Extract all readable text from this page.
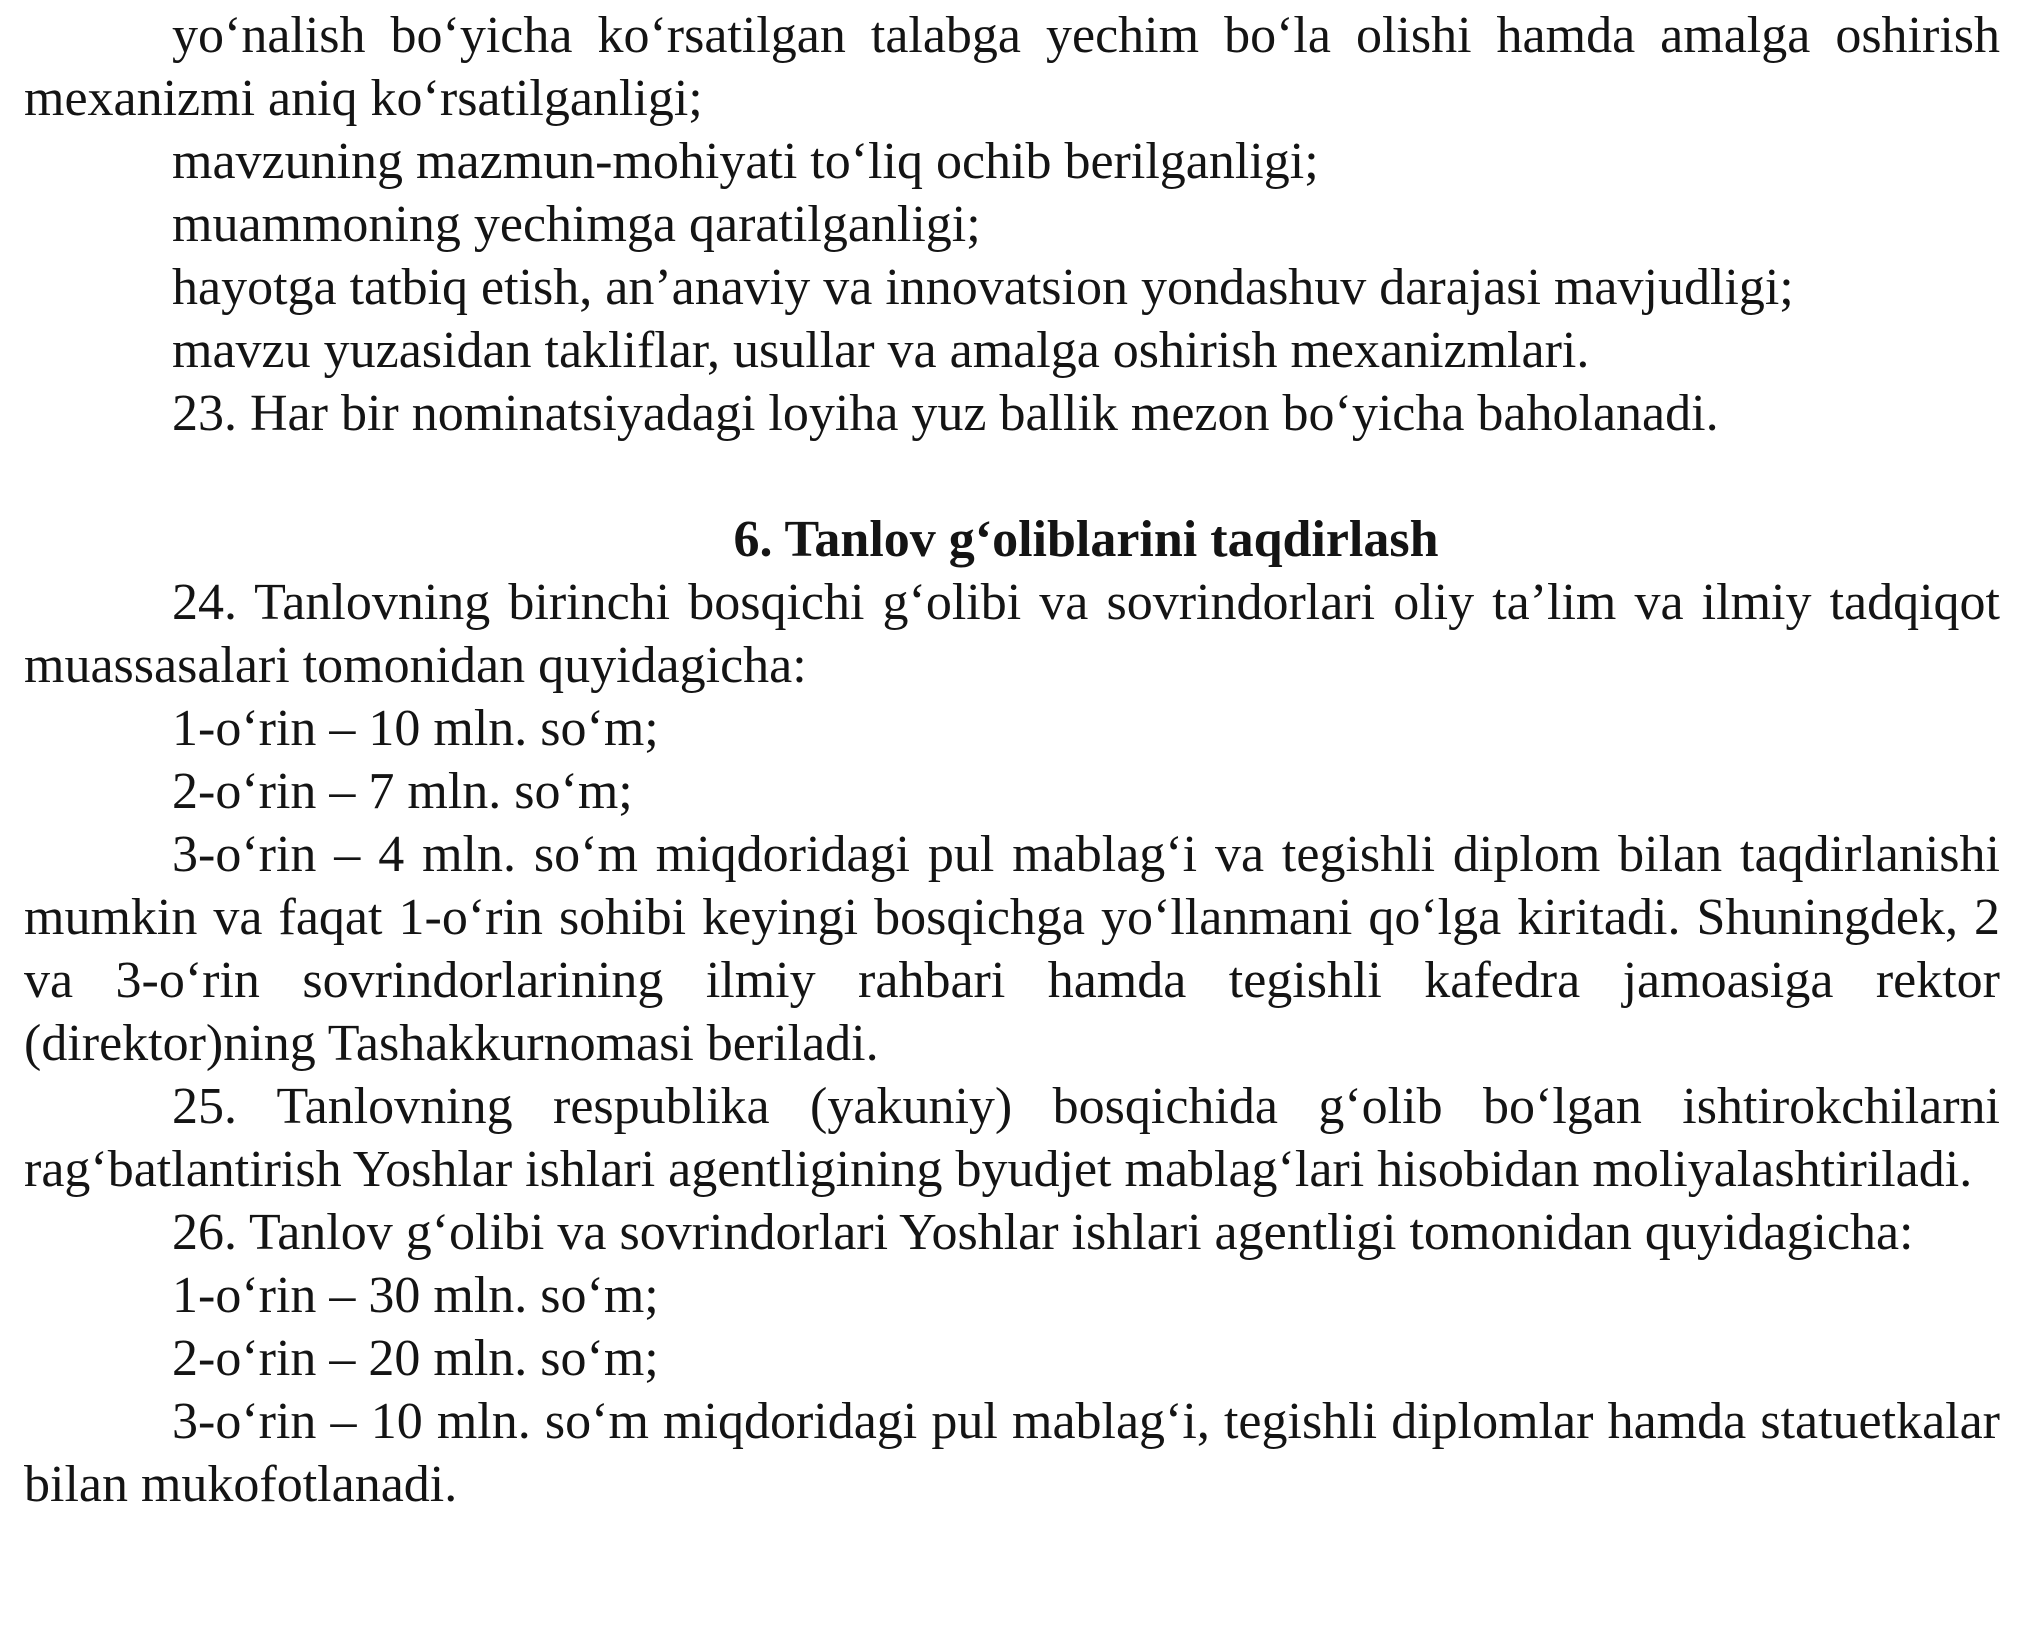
yo‘nalish bo‘yicha ko‘rsatilgan talabga yechim bo‘la olishi hamda amalga oshirish mexanizmi aniq ko‘rsatilganligi;

mavzuning mazmun-mohiyati to‘liq ochib berilganligi;

muammoning yechimga qaratilganligi;

hayotga tatbiq etish, an’anaviy va innovatsion yondashuv darajasi mavjudligi;

mavzu yuzasidan takliflar, usullar va amalga oshirish mexanizmlari.

23. Har bir nominatsiyadagi loyiha yuz ballik mezon bo‘yicha baholanadi.

6. Tanlov g‘oliblarini taqdirlash

24. Tanlovning birinchi bosqichi g‘olibi va sovrindorlari oliy ta’lim va ilmiy tadqiqot muassasalari tomonidan quyidagicha:

1-o‘rin – 10 mln. so‘m;

2-o‘rin – 7 mln. so‘m;

3-o‘rin – 4 mln. so‘m miqdoridagi pul mablag‘i va tegishli diplom bilan taqdirlanishi mumkin va faqat 1-o‘rin sohibi keyingi bosqichga yo‘llanmani qo‘lga kiritadi. Shuningdek, 2 va 3-o‘rin sovrindorlarining ilmiy rahbari hamda tegishli kafedra jamoasiga rektor (direktor)ning Tashakkurnomasi beriladi.

25. Tanlovning respublika (yakuniy) bosqichida g‘olib bo‘lgan ishtirokchilarni rag‘batlantirish Yoshlar ishlari agentligining byudjet mablag‘lari hisobidan moliyalashtiriladi.

26. Tanlov g‘olibi va sovrindorlari Yoshlar ishlari agentligi tomonidan quyidagicha:

1-o‘rin – 30 mln. so‘m;

2-o‘rin – 20 mln. so‘m;

3-o‘rin – 10 mln. so‘m miqdoridagi pul mablag‘i, tegishli diplomlar hamda statuetkalar bilan mukofotlanadi.
